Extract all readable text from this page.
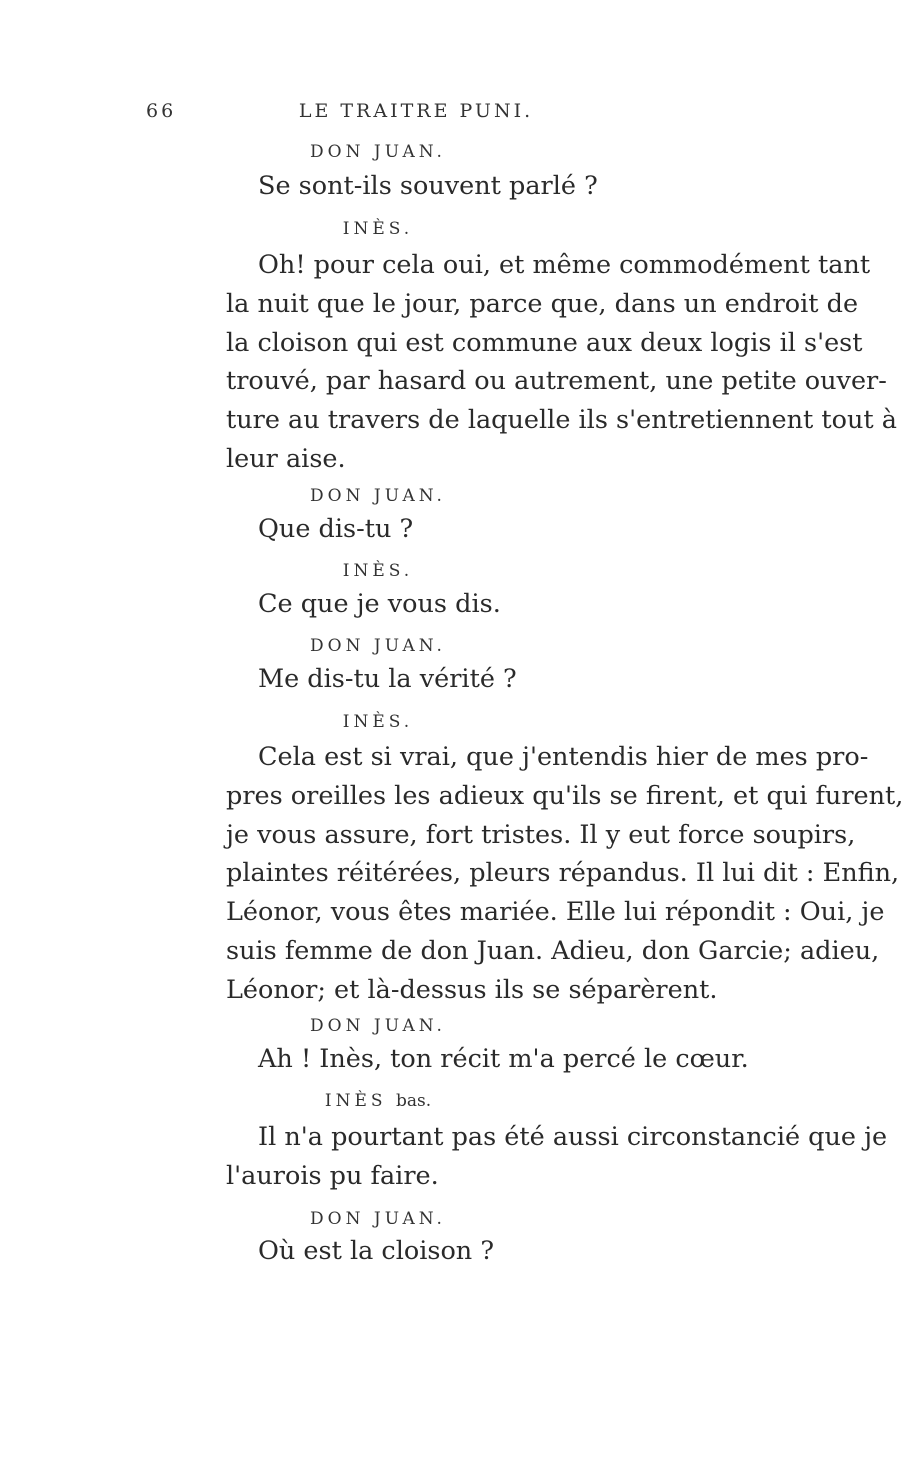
66	LE TRAITRE PUNI.
DON JUAN.
Se sont-ils souvent parlé ?
INÈS.
Oh! pour cela oui, et même commodément tant
la nuit que le jour, parce que, dans un endroit de
la cloison qui est commune aux deux logis il s'est
trouvé, par hasard ou autrement, une petite ouver-
ture au travers de laquelle ils s'entretiennent tout à
leur aise.
DON JUAN.
Que dis-tu ?
INÈS.
Ce que je vous dis.
DON JUAN.
Me dis-tu la vérité ?
INÈS.
Cela est si vrai, que j'entendis hier de mes pro-
pres oreilles les adieux qu'ils se firent, et qui furent,
je vous assure, fort tristes. Il y eut force soupirs,
plaintes réitérées, pleurs répandus. Il lui dit : Enfin,
Léonor, vous êtes mariée. Elle lui répondit : Oui, je
suis femme de don Juan. Adieu, don Garcie; adieu,
Léonor; et là-dessus ils se séparèrent.
DON JUAN.
Ah ! Inès, ton récit m'a percé le cœur.
INÈS bas.
Il n'a pourtant pas été aussi circonstancié que je
l'aurois pu faire.
DON JUAN.
Où est la cloison ?
